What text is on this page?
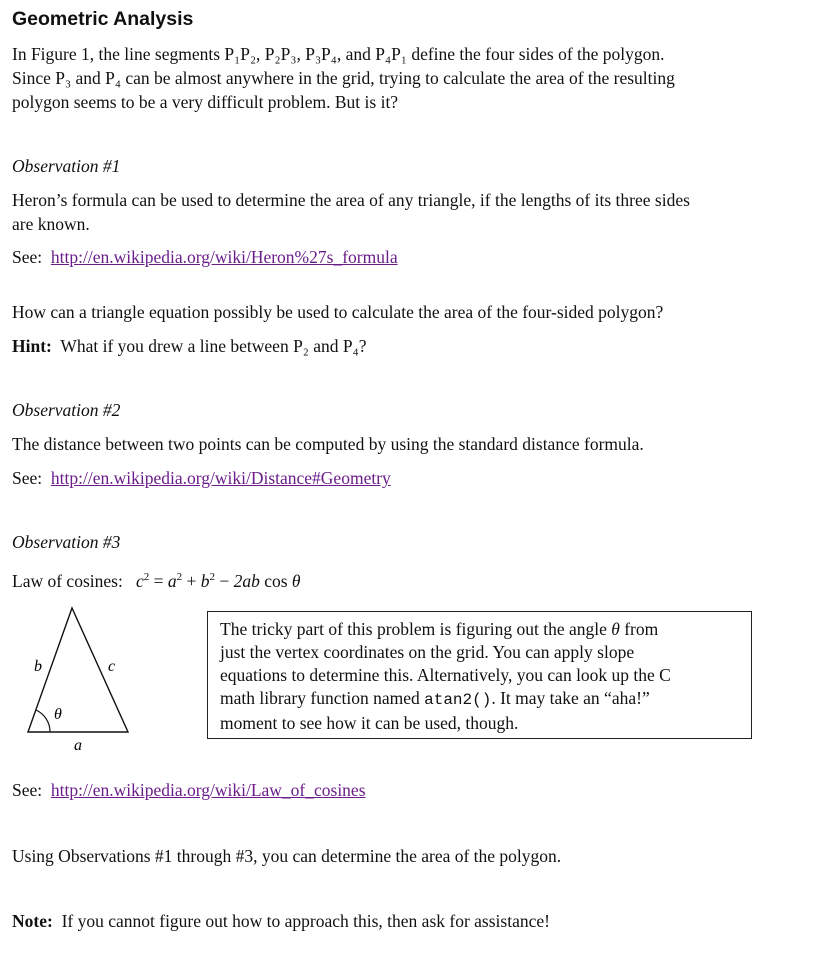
Geometric Analysis
In Figure 1, the line segments P₁P₂, P₂P₃, P₃P₄, and P₄P₁ define the four sides of the polygon.
Since P₃ and P₄ can be almost anywhere in the grid, trying to calculate the area of the resulting
polygon seems to be a very difficult problem. But is it?
Observation #1
Heron’s formula can be used to determine the area of any triangle, if the lengths of its three sides
are known.
See: http://en.wikipedia.org/wiki/Heron%27s_formula
How can a triangle equation possibly be used to calculate the area of the four-sided polygon?
Hint: What if you drew a line between P₂ and P₄?
Observation #2
The distance between two points can be computed by using the standard distance formula.
See: http://en.wikipedia.org/wiki/Distance#Geometry
Observation #3
Law of cosines: $c^2 = a^2 + b^2 - 2ab$ cos θ
b	c
θ
a
The tricky part of this problem is figuring out the angle θ from
just the vertex coordinates on the grid. You can apply slope
equations to determine this. Alternatively, you can look up the C
math library function named atan2(). It may take an “aha!”
moment to see how it can be used, though.
See: http://en.wikipedia.org/wiki/Law_of_cosines
Using Observations #1 through #3, you can determine the area of the polygon.
Note: If you cannot figure out how to approach this, then ask for assistance!
